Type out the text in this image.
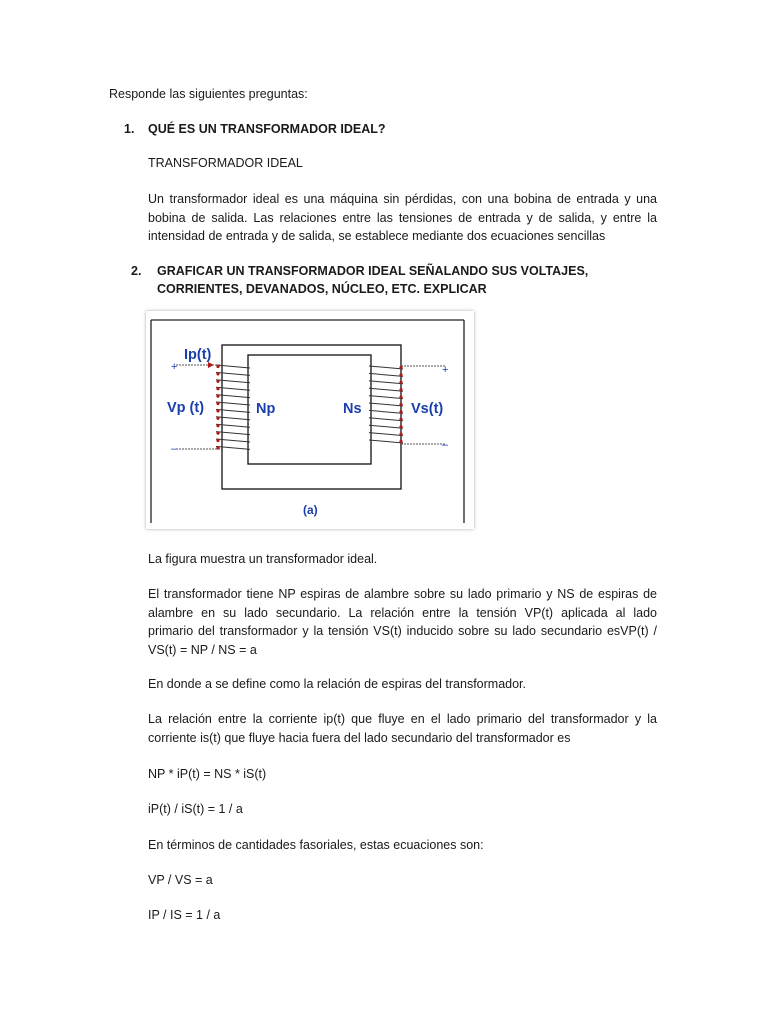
Responde las siguientes preguntas:
1. QUÉ ES UN TRANSFORMADOR IDEAL?
TRANSFORMADOR IDEAL
Un transformador ideal es una máquina sin pérdidas, con una bobina de entrada y una
bobina de salida. Las relaciones entre las tensiones de entrada y de salida, y entre la
intensidad de entrada y de salida, se establece mediante dos ecuaciones sencillas
2. GRAFICAR UN TRANSFORMADOR IDEAL SEÑALANDO SUS VOLTAJES,
CORRIENTES, DEVANADOS, NÚCLEO, ETC. EXPLICAR
Ip(t)
+
–
Vp (t)	Np	Ns	Vs(t)
+
–
(a)
La figura muestra un transformador ideal.
El transformador tiene NP espiras de alambre sobre su lado primario y NS de espiras de
alambre en su lado secundario. La relación entre la tensión VP(t) aplicada al lado
primario del transformador y la tensión VS(t) inducido sobre su lado secundario esVP(t) /
VS(t) = NP / NS = a
En donde a se define como la relación de espiras del transformador.
La relación entre la corriente ip(t) que fluye en el lado primario del transformador y la
corriente is(t) que fluye hacia fuera del lado secundario del transformador es
NP * iP(t) = NS * iS(t)
iP(t) / iS(t) = 1 / a
En términos de cantidades fasoriales, estas ecuaciones son:
VP / VS = a
IP / IS = 1 / a
